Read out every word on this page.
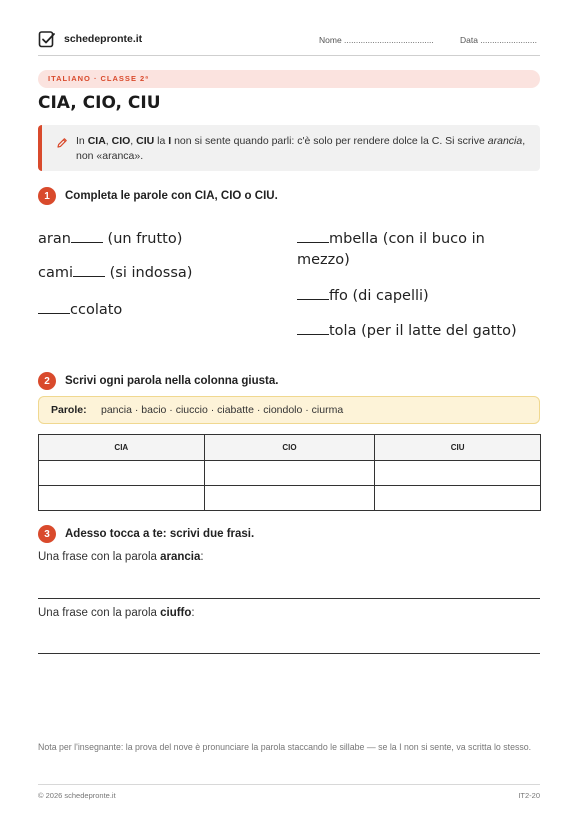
schedepronte.it	Nome ......................................	Data ........................
ITALIANO · CLASSE 2ª
CIA, CIO, CIU

In CIA, CIO, CIU la I non si sente quando parli: c'è solo per rendere dolce la C. Si scrive arancia, non «aranca».

1	Completa le parole con CIA, CIO o CIU.
aran (un frutto)
cami (si indossa)
ccolato
mbella (con il buco in mezzo)
ffo (di capelli)
tola (per il latte del gatto)
2	Scrivi ogni parola nella colonna giusta.
Parole: pancia · bacio · ciuccio · ciabatte · ciondolo · ciurma
CIA	CIO	CIU

3	Adesso tocca a te: scrivi due frasi.
Una frase con la parola arancia:
Una frase con la parola ciuffo:
Nota per l'insegnante: la prova del nove è pronunciare la parola staccando le sillabe — se la I non si sente, va scritta lo stesso.
© 2026 schedepronte.it	IT2-20
